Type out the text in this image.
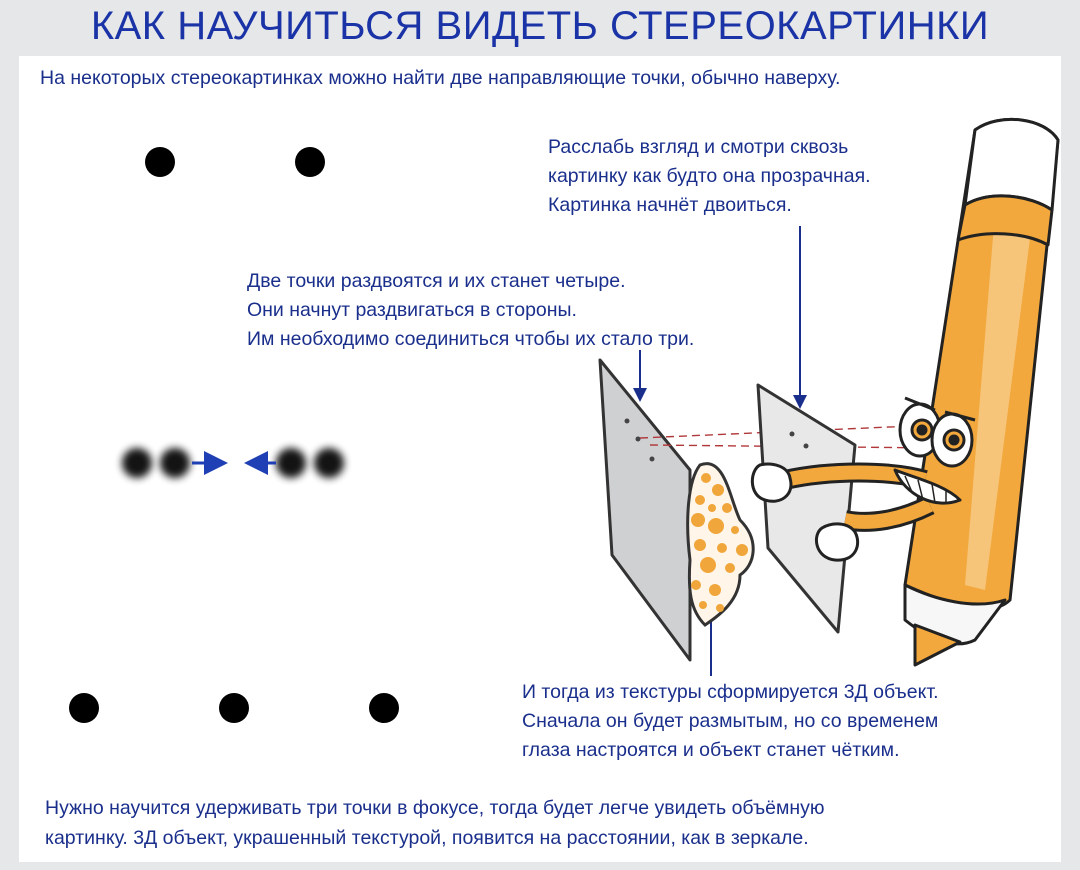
КАК НАУЧИТЬСЯ ВИДЕТЬ СТЕРЕОКАРТИНКИ
На некоторых стереокартинках можно найти две направляющие точки, обычно наверху.
Расслабь взгляд и смотри сквозь
картинку как будто она прозрачная.
Картинка начнёт двоиться.
Две точки раздвоятся и их станет четыре.
Они начнут раздвигаться в стороны.
Им необходимо соединиться чтобы их стало три.
И тогда из текстуры сформируется 3Д объект.
Сначала он будет размытым, но со временем
глаза настроятся и объект станет чётким.
Нужно научится удерживать три точки в фокусе, тогда будет легче увидеть объёмную
картинку. 3Д объект, украшенный текстурой, появится на расстоянии, как в зеркале.
